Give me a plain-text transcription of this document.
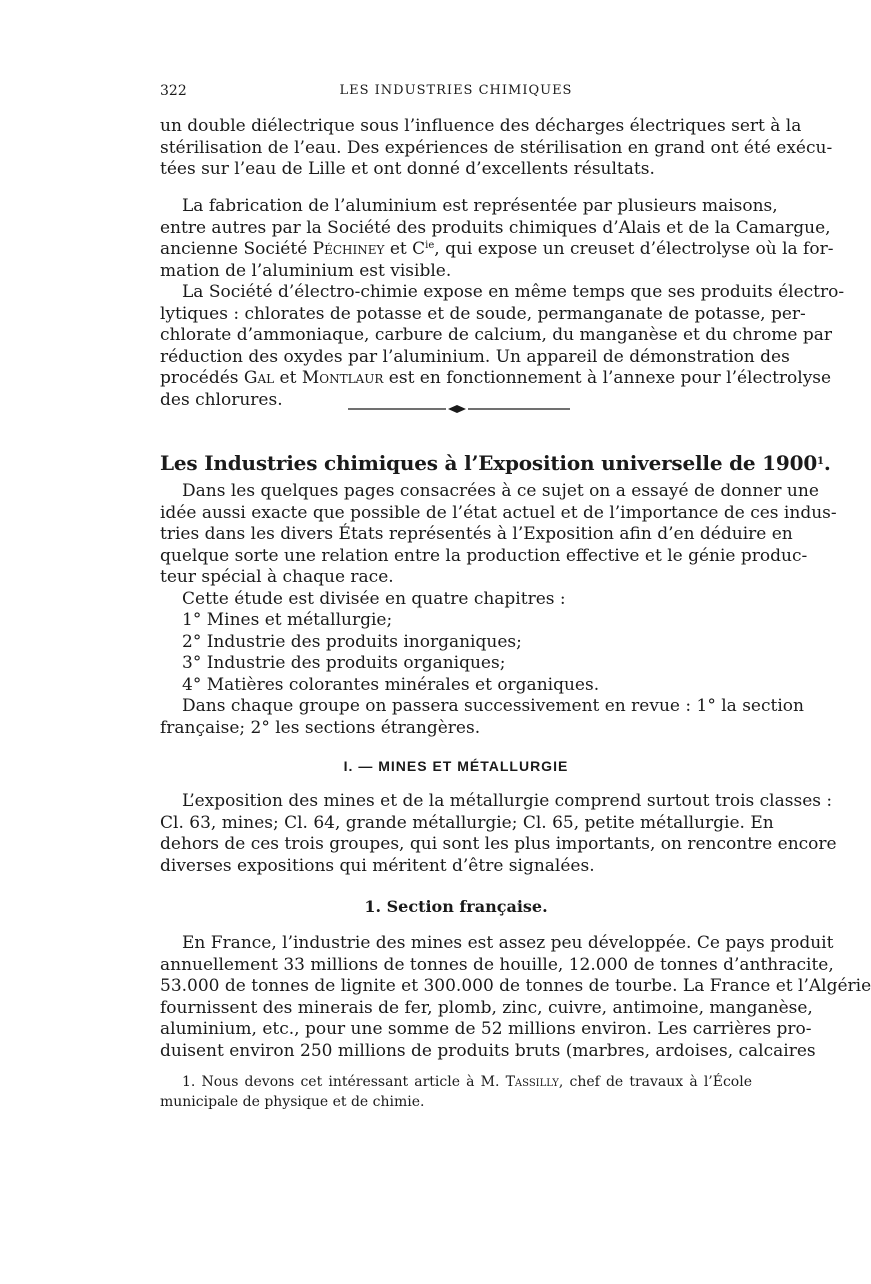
322	LES INDUSTRIES CHIMIQUES
un double diélectrique sous l’influence des décharges électriques sert à la
stérilisation de l’eau. Des expériences de stérilisation en grand ont été exécu-
tées sur l’eau de Lille et ont donné d’excellents résultats.
La fabrication de l’aluminium est représentée par plusieurs maisons,
entre autres par la Société des produits chimiques d’Alais et de la Camargue,
ancienne Société Péchiney et $C^{ie}$, qui expose un creuset d’électrolyse où la for-
mation de l’aluminium est visible.
La Société d’électro-chimie expose en même temps que ses produits électro-
lytiques : chlorates de potasse et de soude, permanganate de potasse, per-
chlorate d’ammoniaque, carbure de calcium, du manganèse et du chrome par
réduction des oxydes par l’aluminium. Un appareil de démonstration des
procédés Gal et Montlaur est en fonctionnement à l’annexe pour l’électrolyse
des chlorures.
Les Industries chimiques à l’Exposition universelle de 1900$^1$.
Dans les quelques pages consacrées à ce sujet on a essayé de donner une
idée aussi exacte que possible de l’état actuel et de l’importance de ces indus-
tries dans les divers États représentés à l’Exposition afin d’en déduire en
quelque sorte une relation entre la production effective et le génie produc-
teur spécial à chaque race.
Cette étude est divisée en quatre chapitres :
1° Mines et métallurgie;
2° Industrie des produits inorganiques;
3° Industrie des produits organiques;
4° Matières colorantes minérales et organiques.
Dans chaque groupe on passera successivement en revue : 1° la section
française; 2° les sections étrangères.
I. — MINES ET MÉTALLURGIE
L’exposition des mines et de la métallurgie comprend surtout trois classes :
Cl. 63, mines; Cl. 64, grande métallurgie; Cl. 65, petite métallurgie. En
dehors de ces trois groupes, qui sont les plus importants, on rencontre encore
diverses expositions qui méritent d’être signalées.
1. Section française.
En France, l’industrie des mines est assez peu développée. Ce pays produit
annuellement 33 millions de tonnes de houille, 12.000 de tonnes d’anthracite,
53.000 de tonnes de lignite et 300.000 de tonnes de tourbe. La France et l’Algérie
fournissent des minerais de fer, plomb, zinc, cuivre, antimoine, manganèse,
aluminium, etc., pour une somme de 52 millions environ. Les carrières pro-
duisent environ 250 millions de produits bruts (marbres, ardoises, calcaires
1. Nous devons cet intéressant article à M. Tassilly, chef de travaux à l’École
municipale de physique et de chimie.
